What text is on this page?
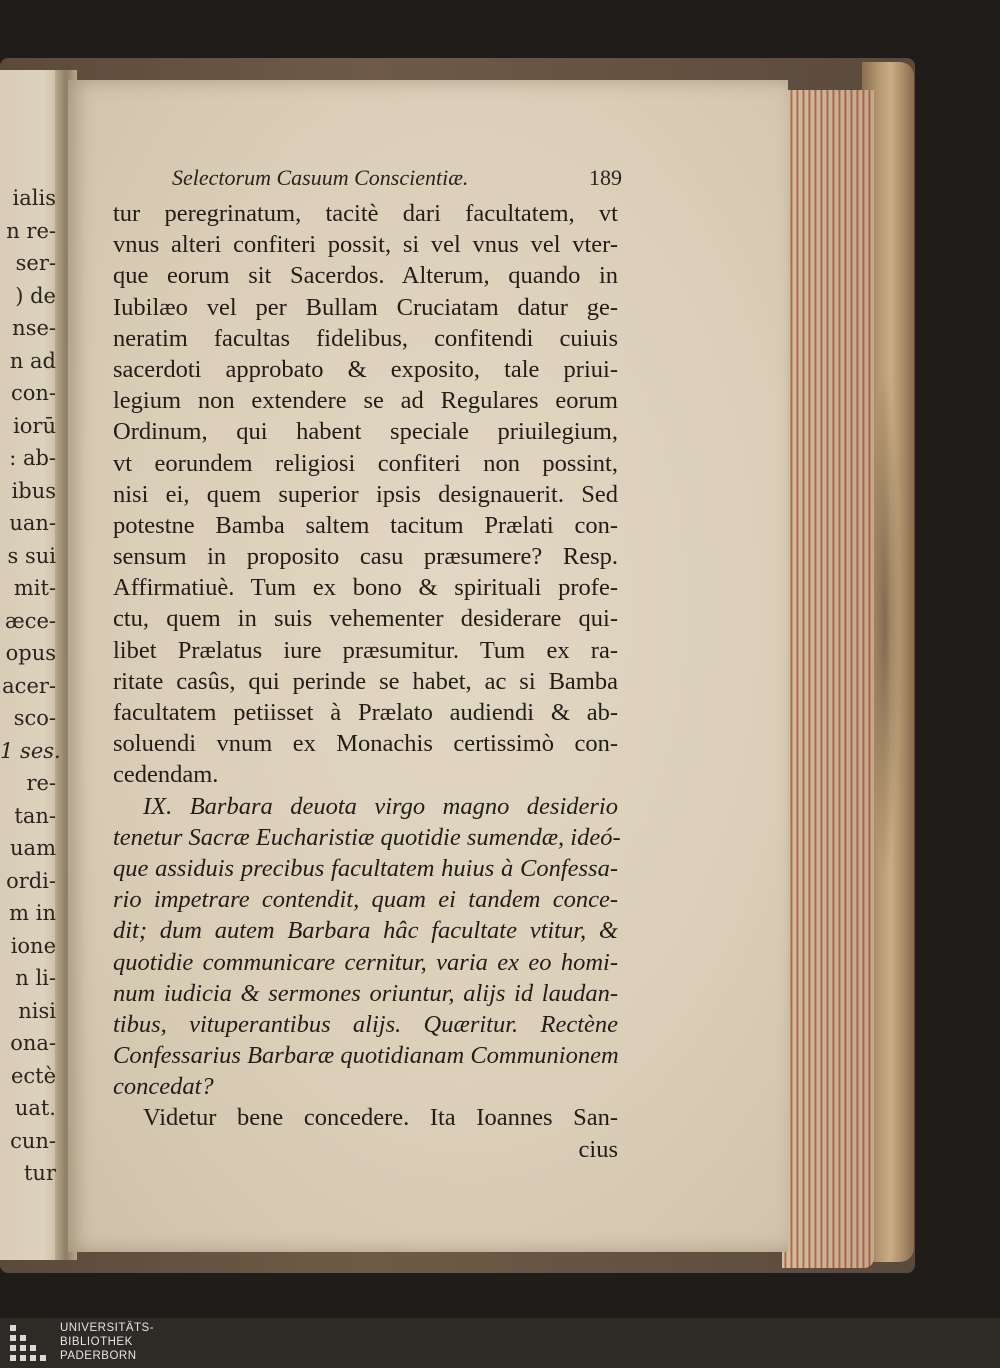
ialis
n re-
ser-
) de
nse-
n ad
con-
iorū
: ab-
ibus
uan-
s sui
mit-
æce-
opus
acer-
sco-
1 ses.
re-
tan-
uam
ordi-
m in
ione
n li-
nisi
ona-
ectè
uat.
cun-
tur
Selectorum Casuum Conscientiæ.	189
tur peregrinatum, tacitè dari facultatem, vt
vnus alteri confiteri possit, si vel vnus vel vter-
que eorum sit Sacerdos. Alterum, quando in
Iubilæo vel per Bullam Cruciatam datur ge-
neratim facultas fidelibus, confitendi cuiuis
sacerdoti approbato & exposito, tale priui-
legium non extendere se ad Regulares eorum
Ordinum, qui habent speciale priuilegium,
vt eorundem religiosi confiteri non possint,
nisi ei, quem superior ipsis designauerit. Sed
potestne Bamba saltem tacitum Prælati con-
sensum in proposito casu præsumere? Resp.
Affirmatiuè. Tum ex bono & spirituali profe-
ctu, quem in suis vehementer desiderare qui-
libet Prælatus iure præsumitur. Tum ex ra-
ritate casûs, qui perinde se habet, ac si Bamba
facultatem petiisset à Prælato audiendi & ab-
soluendi vnum ex Monachis certissimò con-
cedendam.
IX. Barbara deuota virgo magno desiderio
tenetur Sacræ Eucharistiæ quotidie sumendæ, ideó-
que assiduis precibus facultatem huius à Confessa-
rio impetrare contendit, quam ei tandem conce-
dit; dum autem Barbara hâc facultate vtitur, &
quotidie communicare cernitur, varia ex eo homi-
num iudicia & sermones oriuntur, alijs id laudan-
tibus, vituperantibus alijs. Quæritur. Rectène
Confessarius Barbaræ quotidianam Communionem
concedat?
Videtur bene concedere. Ita Ioannes San-
cius
UNIVERSITÄTS-
BIBLIOTHEK
PADERBORN
